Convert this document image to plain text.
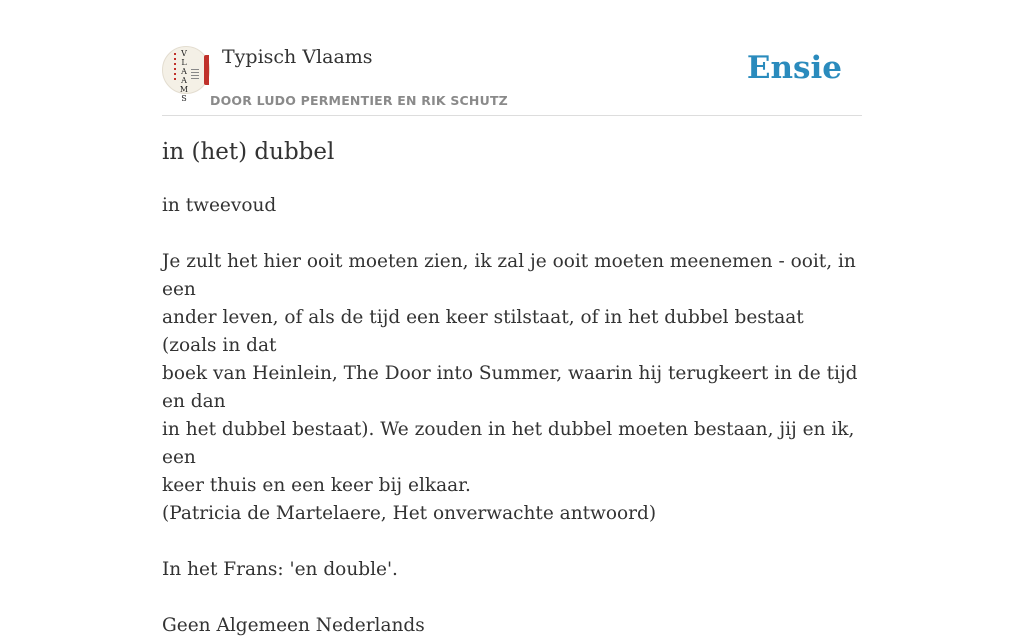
V
L
A
A
M
S
Typisch Vlaams
DOOR LUDO PERMENTIER EN RIK SCHUTZ
Ensie
in (het) dubbel

in tweevoud

Je zult het hier ooit moeten zien, ik zal je ooit moeten meenemen - ooit, in een

ander leven, of als de tijd een keer stilstaat, of in het dubbel bestaat (zoals in dat

boek van Heinlein, The Door into Summer, waarin hij terugkeert in de tijd en dan

in het dubbel bestaat). We zouden in het dubbel moeten bestaan, jij en ik, een

keer thuis en een keer bij elkaar.

(Patricia de Martelaere, Het onverwachte antwoord)

In het Frans: 'en double'.

Geen Algemeen Nederlands
